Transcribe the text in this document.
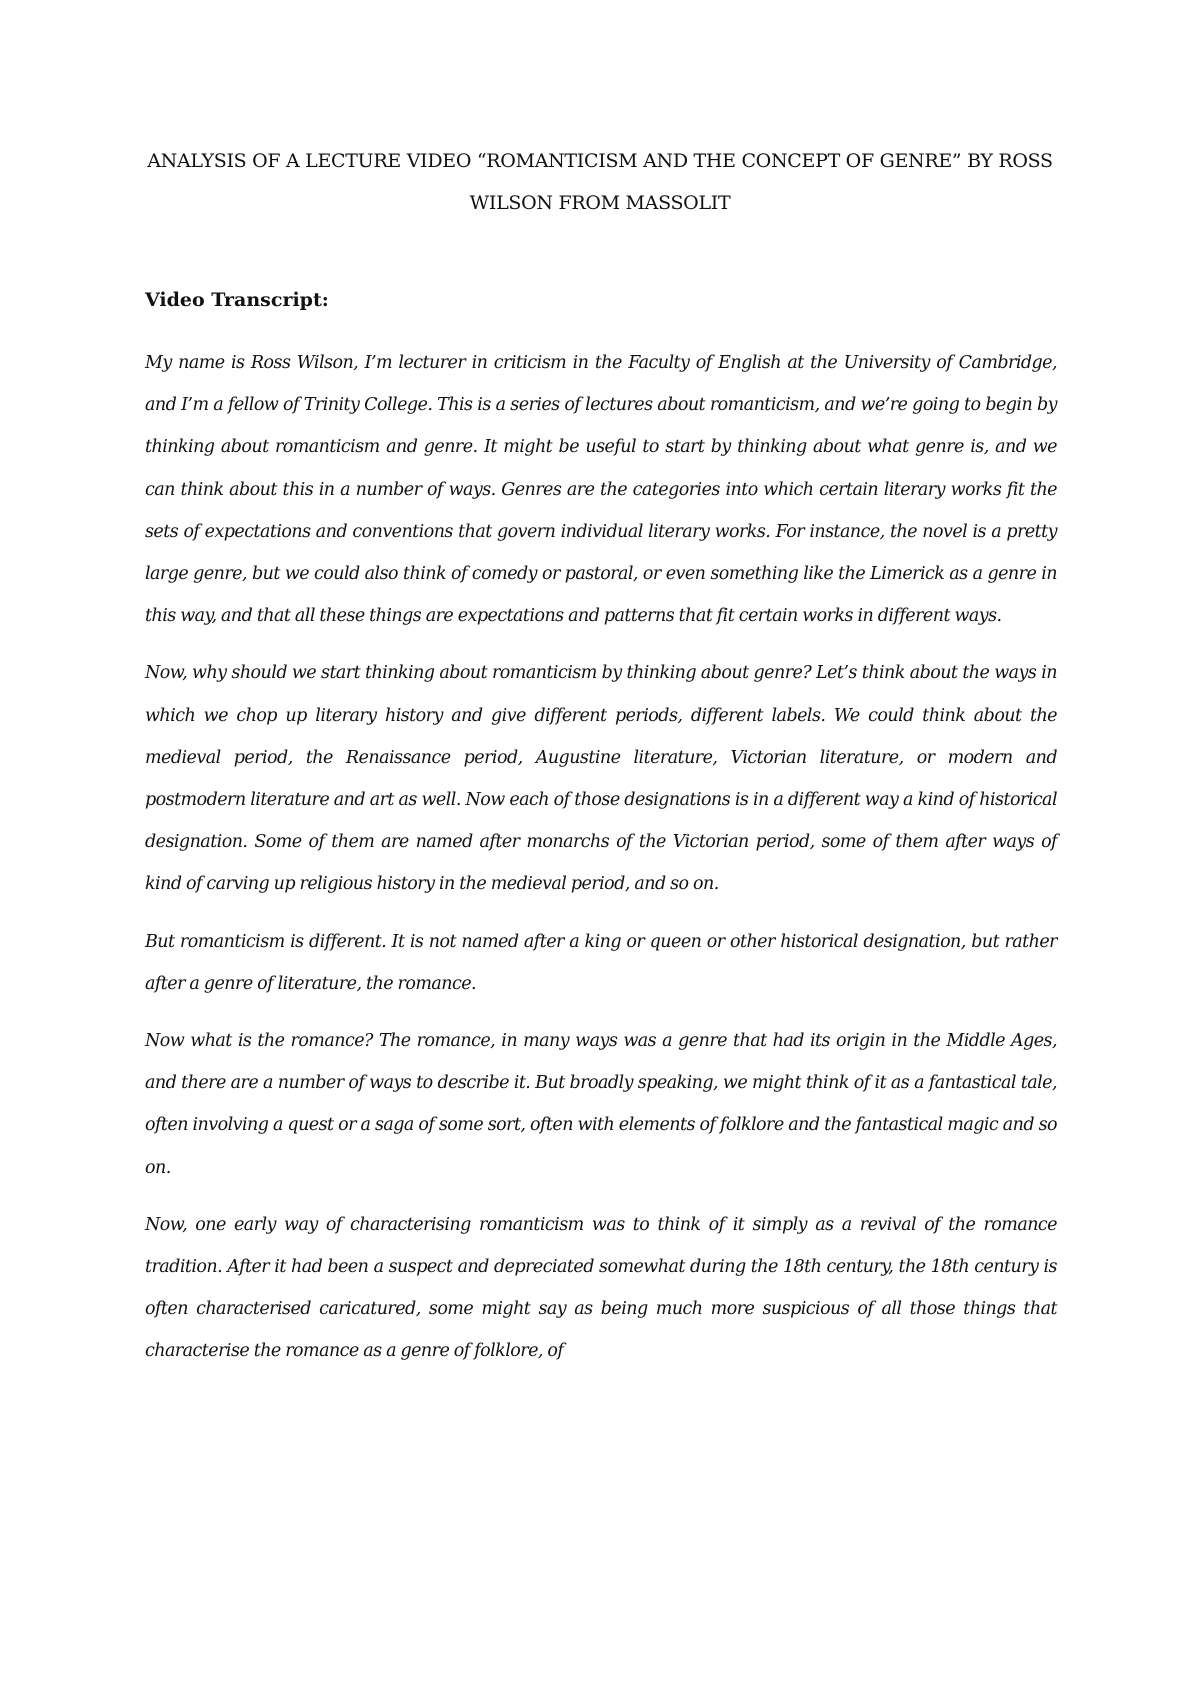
ANALYSIS OF A LECTURE VIDEO “ROMANTICISM AND THE CONCEPT OF GENRE” BY ROSS WILSON FROM MASSOLIT
Video Transcript:

My name is Ross Wilson, I’m lecturer in criticism in the Faculty of English at the University of Cambridge, and I’m a fellow of Trinity College. This is a series of lectures about romanticism, and we’re going to begin by thinking about romanticism and genre. It might be useful to start by thinking about what genre is, and we can think about this in a number of ways. Genres are the categories into which certain literary works fit the sets of expectations and conventions that govern individual literary works. For instance, the novel is a pretty large genre, but we could also think of comedy or pastoral, or even something like the Limerick as a genre in this way, and that all these things are expectations and patterns that fit certain works in different ways.

Now, why should we start thinking about romanticism by thinking about genre? Let’s think about the ways in which we chop up literary history and give different periods, different labels. We could think about the medieval period, the Renaissance period, Augustine literature, Victorian literature, or modern and postmodern literature and art as well. Now each of those designations is in a different way a kind of historical designation. Some of them are named after monarchs of the Victorian period, some of them after ways of kind of carving up religious history in the medieval period, and so on.

But romanticism is different. It is not named after a king or queen or other historical designation, but rather after a genre of literature, the romance.

Now what is the romance? The romance, in many ways was a genre that had its origin in the Middle Ages, and there are a number of ways to describe it. But broadly speaking, we might think of it as a fantastical tale, often involving a quest or a saga of some sort, often with elements of folklore and the fantastical magic and so on.

Now, one early way of characterising romanticism was to think of it simply as a revival of the romance tradition. After it had been a suspect and depreciated somewhat during the 18th century, the 18th century is often characterised caricatured, some might say as being much more suspicious of all those things that characterise the romance as a genre of folklore, of
